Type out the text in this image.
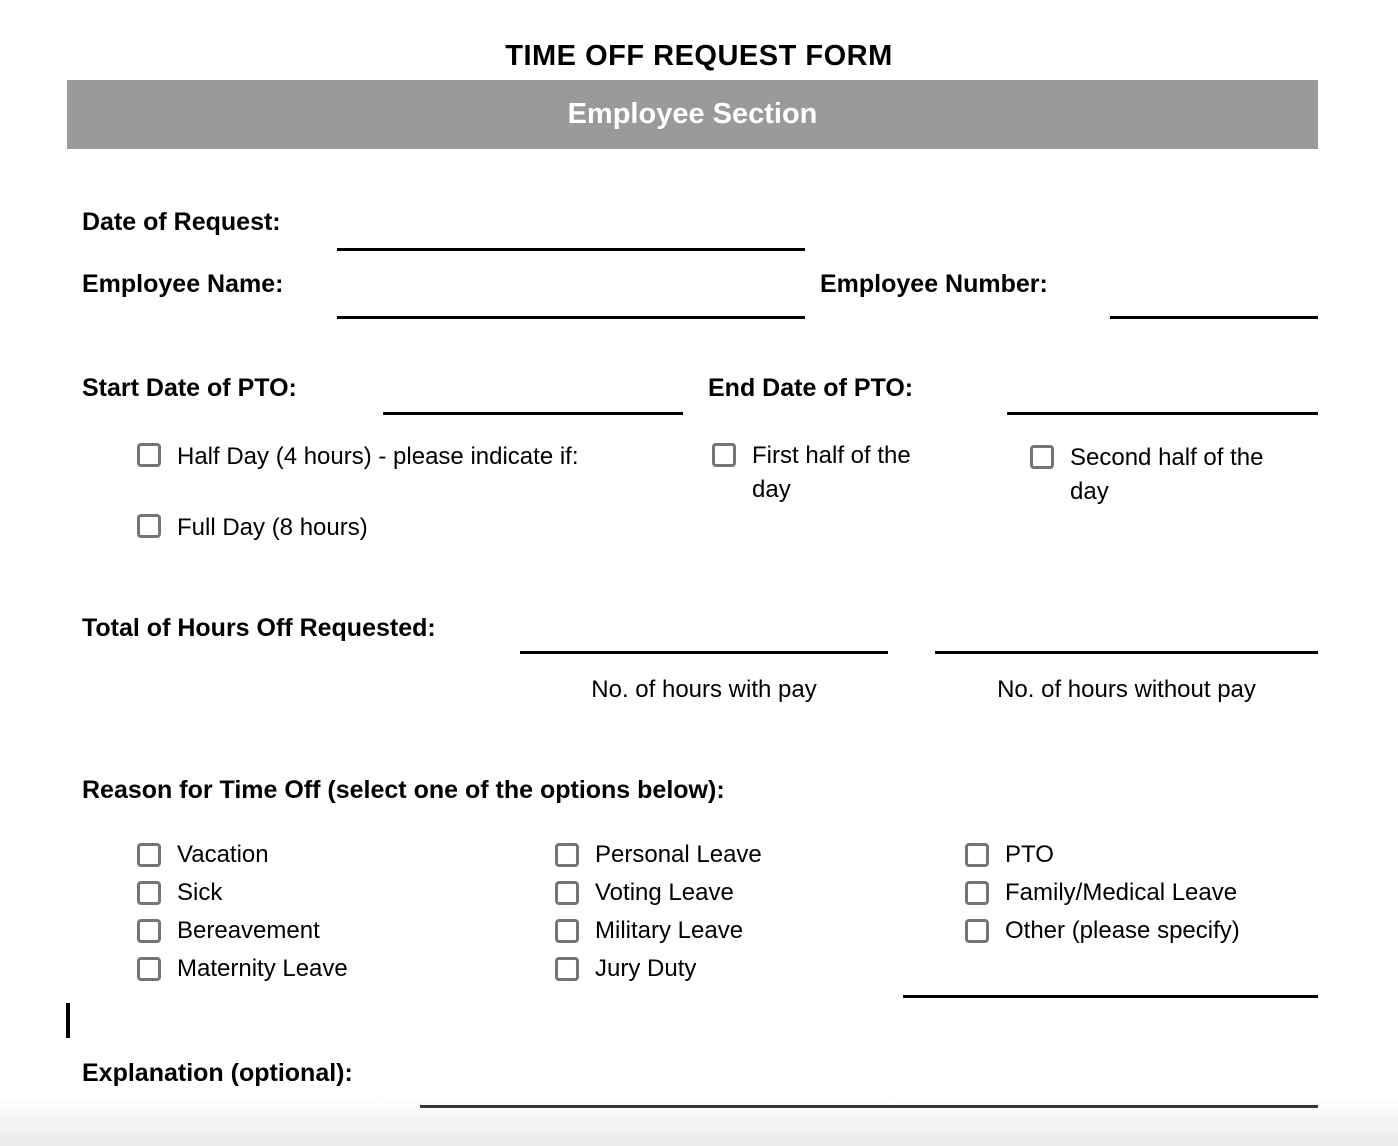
TIME OFF REQUEST FORM
Employee Section
Date of Request:
Employee Name:	Employee Number:
Start Date of PTO:	End Date of PTO:
Half Day (4 hours) - please indicate if:	First half of the day
Second half of the day
Full Day (8 hours)
Total of Hours Off Requested:
No. of hours with pay	No. of hours without pay
Reason for Time Off (select one of the options below):
Vacation
Sick
Bereavement
Maternity Leave
Personal Leave
Voting Leave
Military Leave
Jury Duty
PTO
Family/Medical Leave
Other (please specify)
Explanation (optional):
